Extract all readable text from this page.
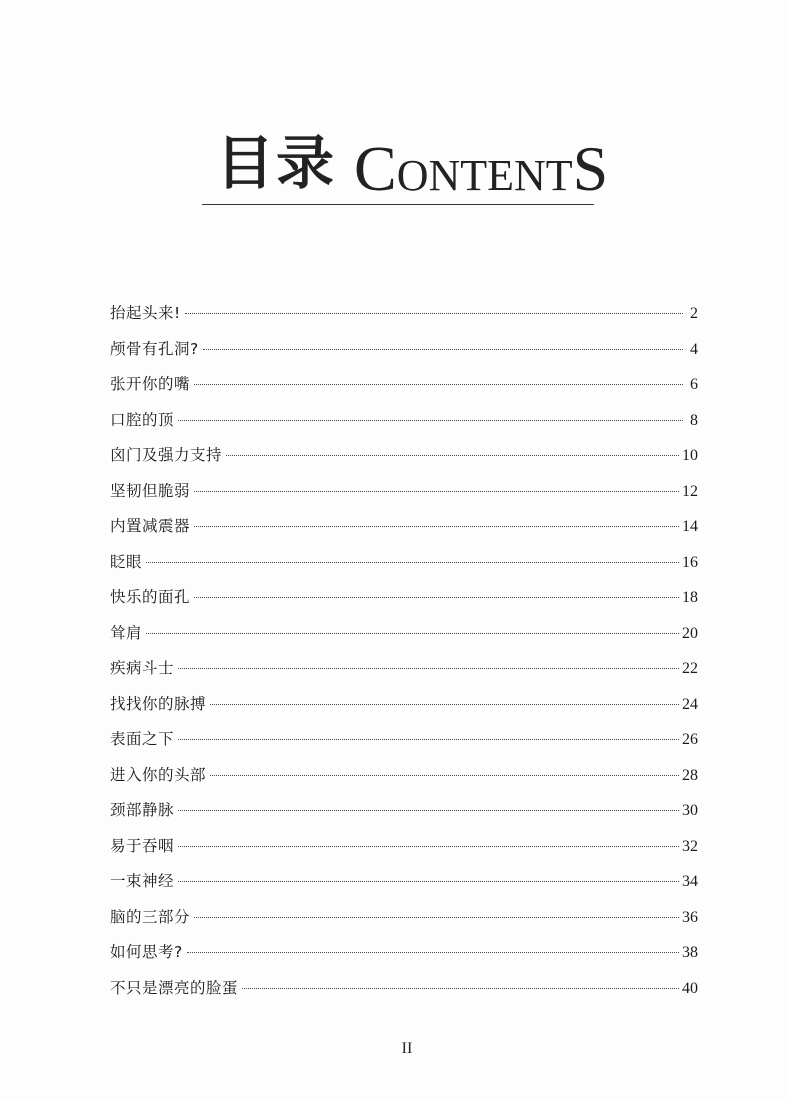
目录 CONTENTS
抬起头来!	2
颅骨有孔洞?	4
张开你的嘴	6
口腔的顶	8
囟门及强力支持	10
坚韧但脆弱	12
内置减震器	14
眨眼	16
快乐的面孔	18
耸肩	20
疾病斗士	22
找找你的脉搏	24
表面之下	26
进入你的头部	28
颈部静脉	30
易于吞咽	32
一束神经	34
脑的三部分	36
如何思考?	38
不只是漂亮的脸蛋	40
II
